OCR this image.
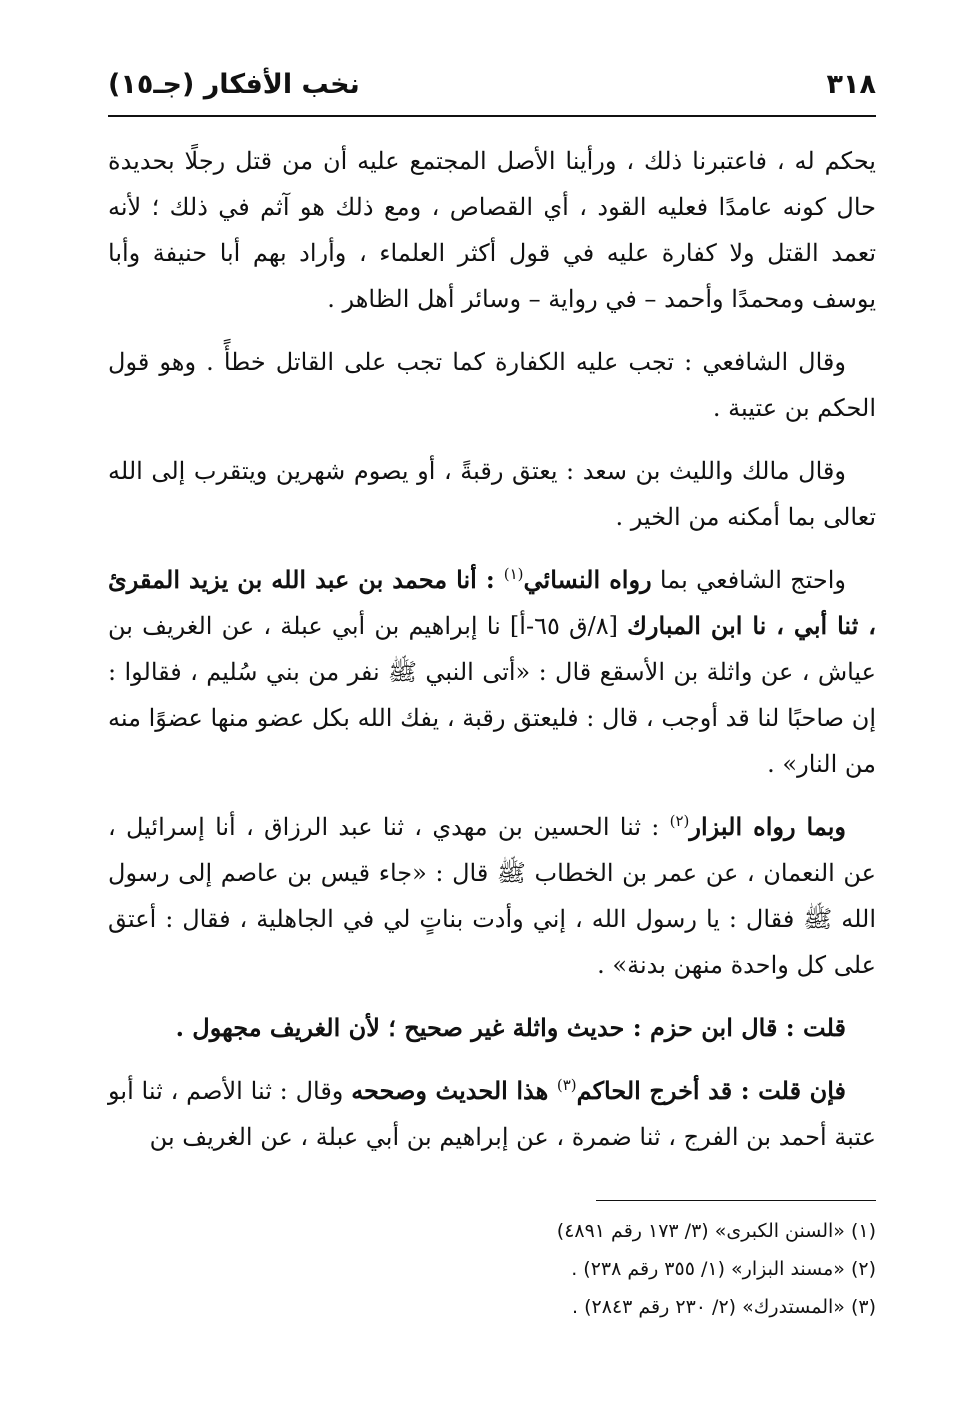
٣١٨
نخب الأفكار (جـ١٥)

يحكم له ، فاعتبرنا ذلك ، ورأينا الأصل المجتمع عليه أن من قتل رجلًا بحديدة حال كونه عامدًا فعليه القود ، أي القصاص ، ومع ذلك هو آثم في ذلك ؛ لأنه تعمد القتل ولا كفارة عليه في قول أكثر العلماء ، وأراد بهم أبا حنيفة وأبا يوسف ومحمدًا وأحمد – في رواية – وسائر أهل الظاهر .

وقال الشافعي : تجب عليه الكفارة كما تجب على القاتل خطأً . وهو قول الحكم بن عتيبة .

وقال مالك والليث بن سعد : يعتق رقبةً ، أو يصوم شهرين ويتقرب إلى الله تعالى بما أمكنه من الخير .

واحتج الشافعي بما رواه النسائي$^{(١)}$ : أنا محمد بن عبد الله بن يزيد المقرئ ، ثنا أبي ، نا ابن المبارك [٨/ق ٦٥-أ] نا إبراهيم بن أبي عبلة ، عن الغريف بن عياش ، عن واثلة بن الأسقع قال : «أتى النبي ﷺ نفر من بني سُليم ، فقالوا : إن صاحبًا لنا قد أوجب ، قال : فليعتق رقبة ، يفك الله بكل عضو منها عضوًا منه من النار» .

وبما رواه البزار$^{(٢)}$ : ثنا الحسين بن مهدي ، ثنا عبد الرزاق ، أنا إسرائيل ، عن النعمان ، عن عمر بن الخطاب ﷺ قال : «جاء قيس بن عاصم إلى رسول الله ﷺ فقال : يا رسول الله ، إني وأدت بناتٍ لي في الجاهلية ، فقال : أعتق على كل واحدة منهن بدنة» .

قلت : قال ابن حزم : حديث واثلة غير صحيح ؛ لأن الغريف مجهول .

فإن قلت : قد أخرج الحاكم$^{(٣)}$ هذا الحديث وصححه وقال : ثنا الأصم ، ثنا أبو عتبة أحمد بن الفرج ، ثنا ضمرة ، عن إبراهيم بن أبي عبلة ، عن الغريف بن

(١) «السنن الكبرى» (٣/ ١٧٣ رقم ٤٨٩١)

(٢) «مسند البزار» (١/ ٣٥٥ رقم ٢٣٨) .

(٣) «المستدرك» (٢/ ٢٣٠ رقم ٢٨٤٣) .
